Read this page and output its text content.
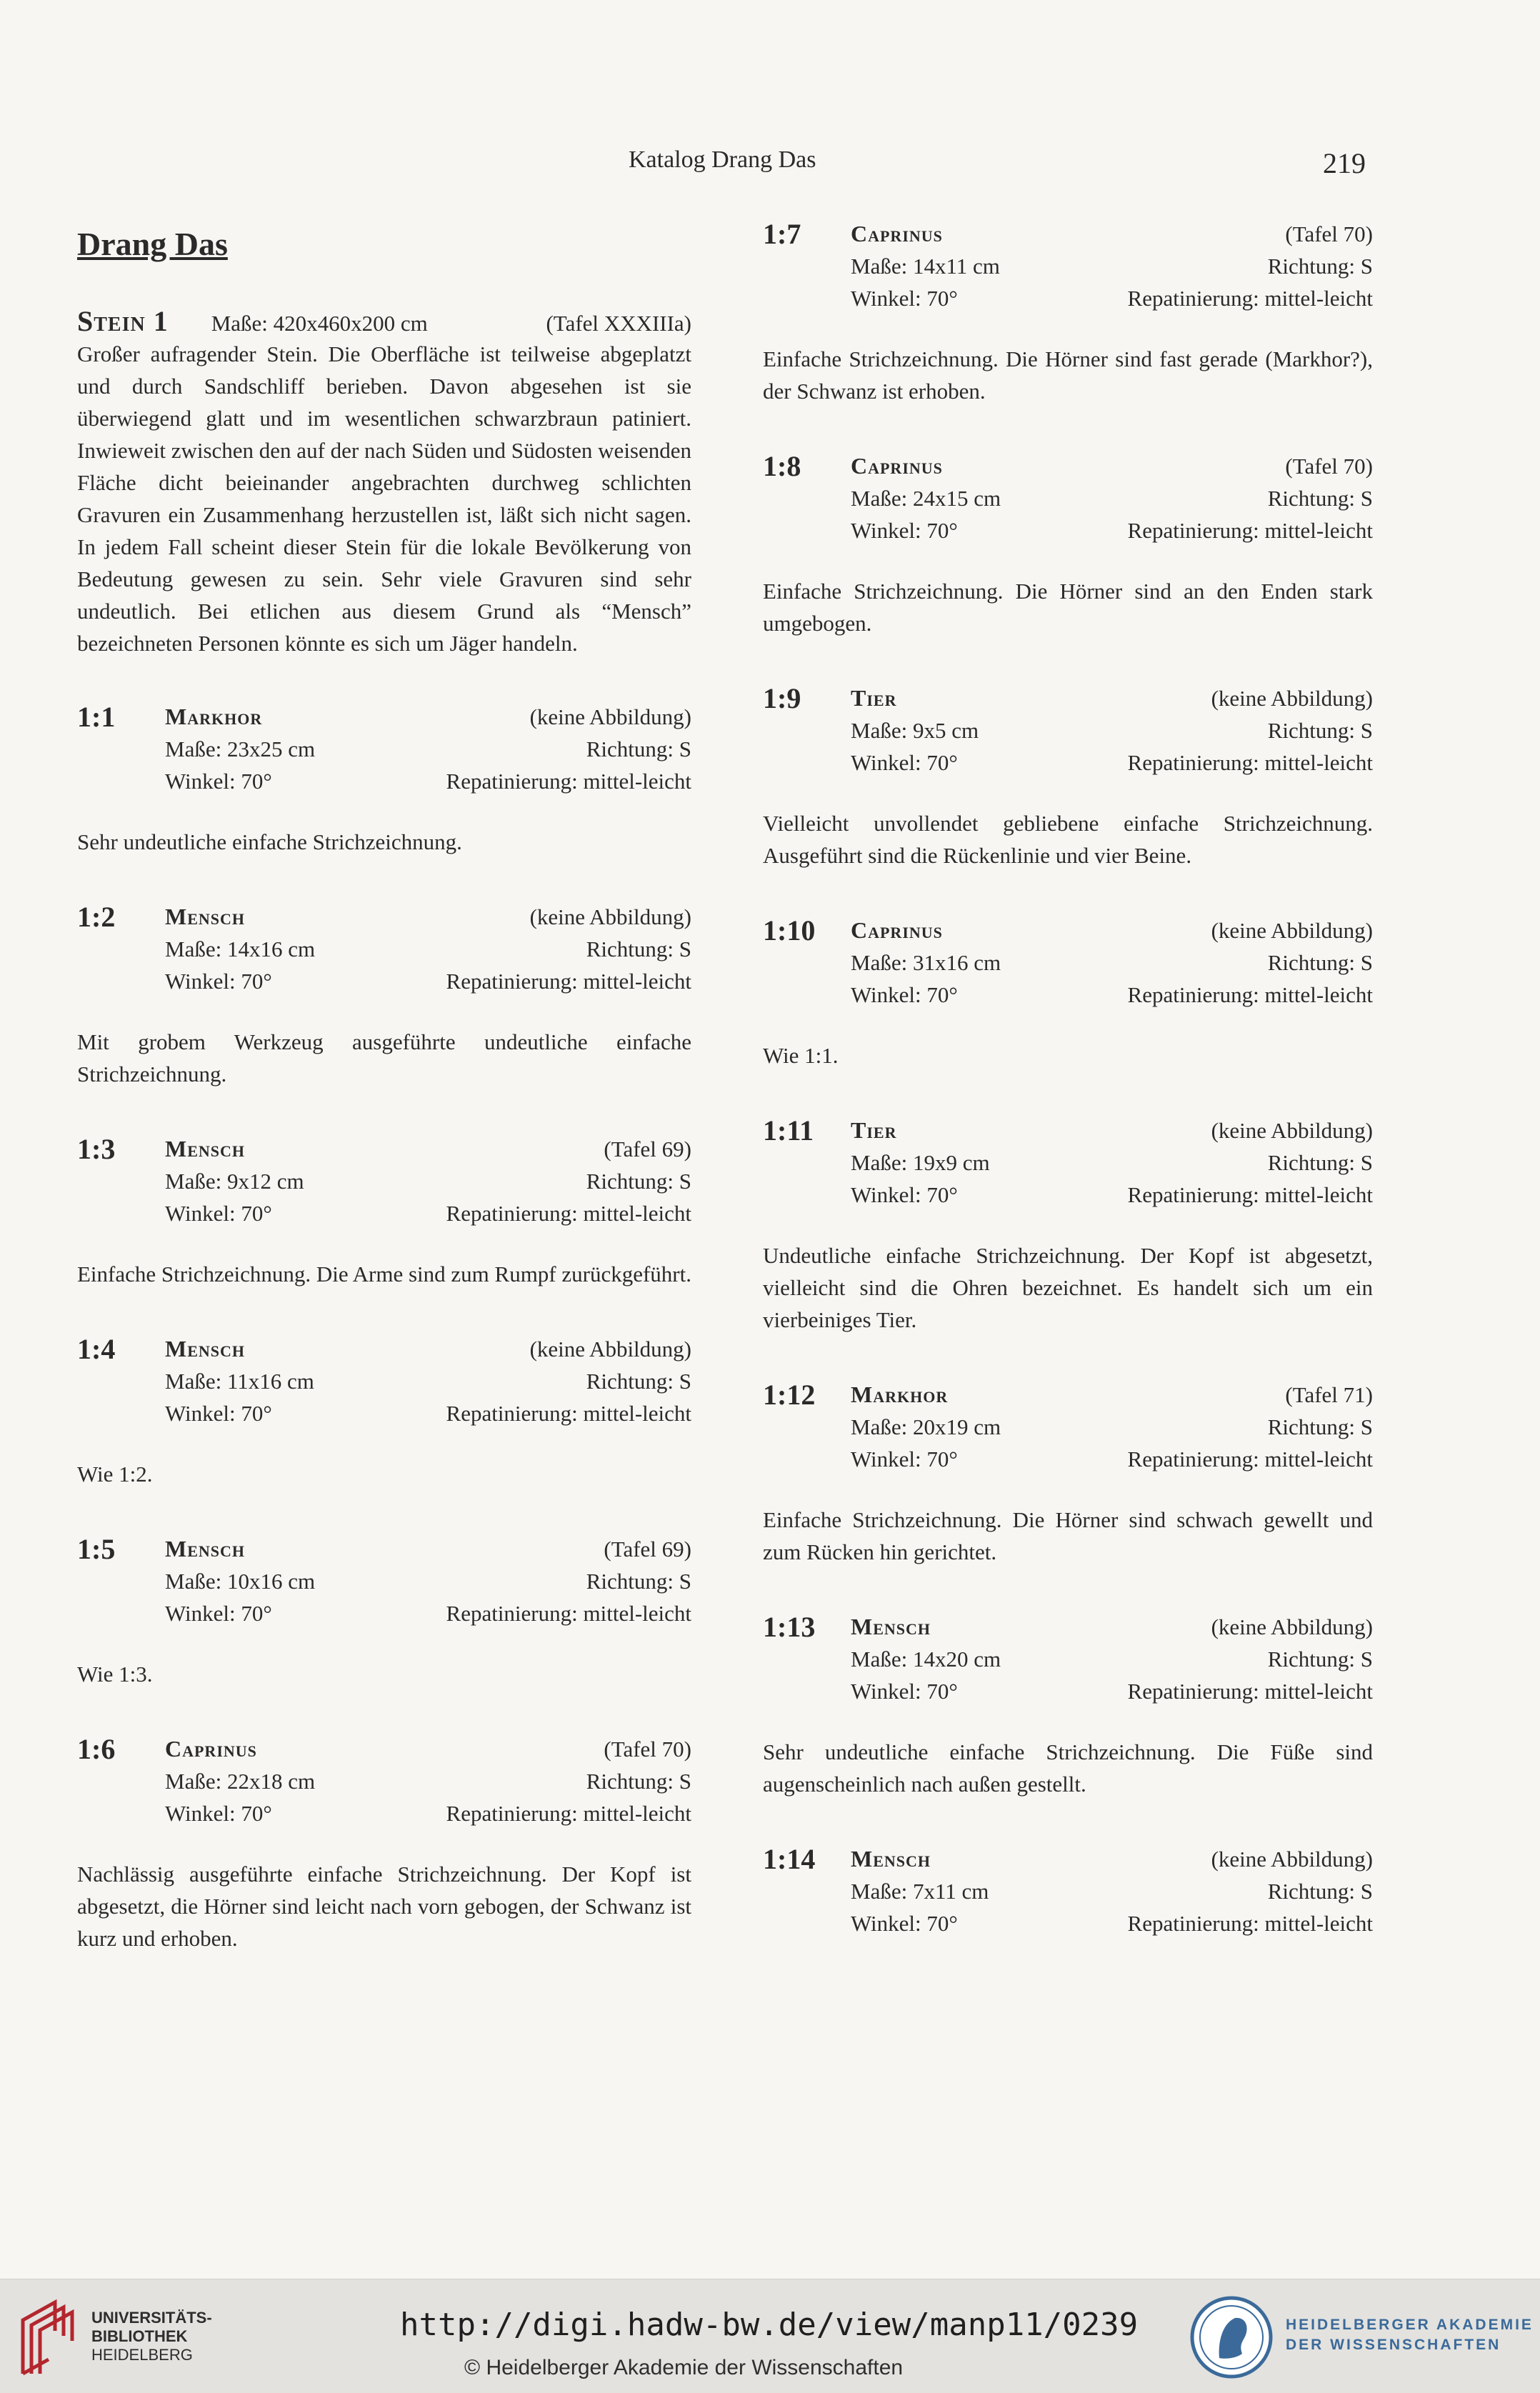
Katalog Drang Das	219
Drang Das
Stein 1 Maße: 420x460x200 cm	(Tafel XXXIIIa)

Großer aufragender Stein. Die Oberfläche ist teilweise abgeplatzt und durch Sandschliff berieben. Davon abgesehen ist sie überwiegend glatt und im wesentlichen schwarzbraun patiniert. Inwieweit zwischen den auf der nach Süden und Südosten weisenden Fläche dicht beieinander angebrachten durchweg schlichten Gravuren ein Zusammenhang herzustellen ist, läßt sich nicht sagen. In jedem Fall scheint dieser Stein für die lokale Bevölkerung von Bedeutung gewesen zu sein. Sehr viele Gravuren sind sehr undeutlich. Bei etlichen aus diesem Grund als “Mensch” bezeichneten Personen könnte es sich um Jäger handeln.

1:1	Markhor	(keine Abbildung)
Maße: 23x25 cm	Richtung: S
Winkel: 70°	Repatinierung: mittel-leicht

Sehr undeutliche einfache Strichzeichnung.

1:2	Mensch	(keine Abbildung)
Maße: 14x16 cm	Richtung: S
Winkel: 70°	Repatinierung: mittel-leicht

Mit grobem Werkzeug ausgeführte undeutliche einfache Strichzeichnung.

1:3	Mensch	(Tafel 69)
Maße: 9x12 cm	Richtung: S
Winkel: 70°	Repatinierung: mittel-leicht

Einfache Strichzeichnung. Die Arme sind zum Rumpf zurückgeführt.

1:4	Mensch	(keine Abbildung)
Maße: 11x16 cm	Richtung: S
Winkel: 70°	Repatinierung: mittel-leicht

Wie 1:2.

1:5	Mensch	(Tafel 69)
Maße: 10x16 cm	Richtung: S
Winkel: 70°	Repatinierung: mittel-leicht

Wie 1:3.

1:6	Caprinus	(Tafel 70)
Maße: 22x18 cm	Richtung: S
Winkel: 70°	Repatinierung: mittel-leicht

Nachlässig ausgeführte einfache Strichzeichnung. Der Kopf ist abgesetzt, die Hörner sind leicht nach vorn gebogen, der Schwanz ist kurz und erhoben.

1:7	Caprinus	(Tafel 70)
Maße: 14x11 cm	Richtung: S
Winkel: 70°	Repatinierung: mittel-leicht

Einfache Strichzeichnung. Die Hörner sind fast gerade (Markhor?), der Schwanz ist erhoben.

1:8	Caprinus	(Tafel 70)
Maße: 24x15 cm	Richtung: S
Winkel: 70°	Repatinierung: mittel-leicht

Einfache Strichzeichnung. Die Hörner sind an den Enden stark umgebogen.

1:9	Tier	(keine Abbildung)
Maße: 9x5 cm	Richtung: S
Winkel: 70°	Repatinierung: mittel-leicht

Vielleicht unvollendet gebliebene einfache Strichzeichnung. Ausgeführt sind die Rückenlinie und vier Beine.

1:10	Caprinus	(keine Abbildung)
Maße: 31x16 cm	Richtung: S
Winkel: 70°	Repatinierung: mittel-leicht

Wie 1:1.

1:11	Tier	(keine Abbildung)
Maße: 19x9 cm	Richtung: S
Winkel: 70°	Repatinierung: mittel-leicht

Undeutliche einfache Strichzeichnung. Der Kopf ist abgesetzt, vielleicht sind die Ohren bezeichnet. Es handelt sich um ein vierbeiniges Tier.

1:12	Markhor	(Tafel 71)
Maße: 20x19 cm	Richtung: S
Winkel: 70°	Repatinierung: mittel-leicht

Einfache Strichzeichnung. Die Hörner sind schwach gewellt und zum Rücken hin gerichtet.

1:13	Mensch	(keine Abbildung)
Maße: 14x20 cm	Richtung: S
Winkel: 70°	Repatinierung: mittel-leicht

Sehr undeutliche einfache Strichzeichnung. Die Füße sind augenscheinlich nach außen gestellt.

1:14	Mensch	(keine Abbildung)
Maße: 7x11 cm	Richtung: S
Winkel: 70°	Repatinierung: mittel-leicht
UNIVERSITÄTS-
BIBLIOTHEK
HEIDELBERG
http://digi.hadw-bw.de/view/manp11/0239
© Heidelberger Akademie der Wissenschaften
HEIDELBERGER AKADEMIE
DER WISSENSCHAFTEN
